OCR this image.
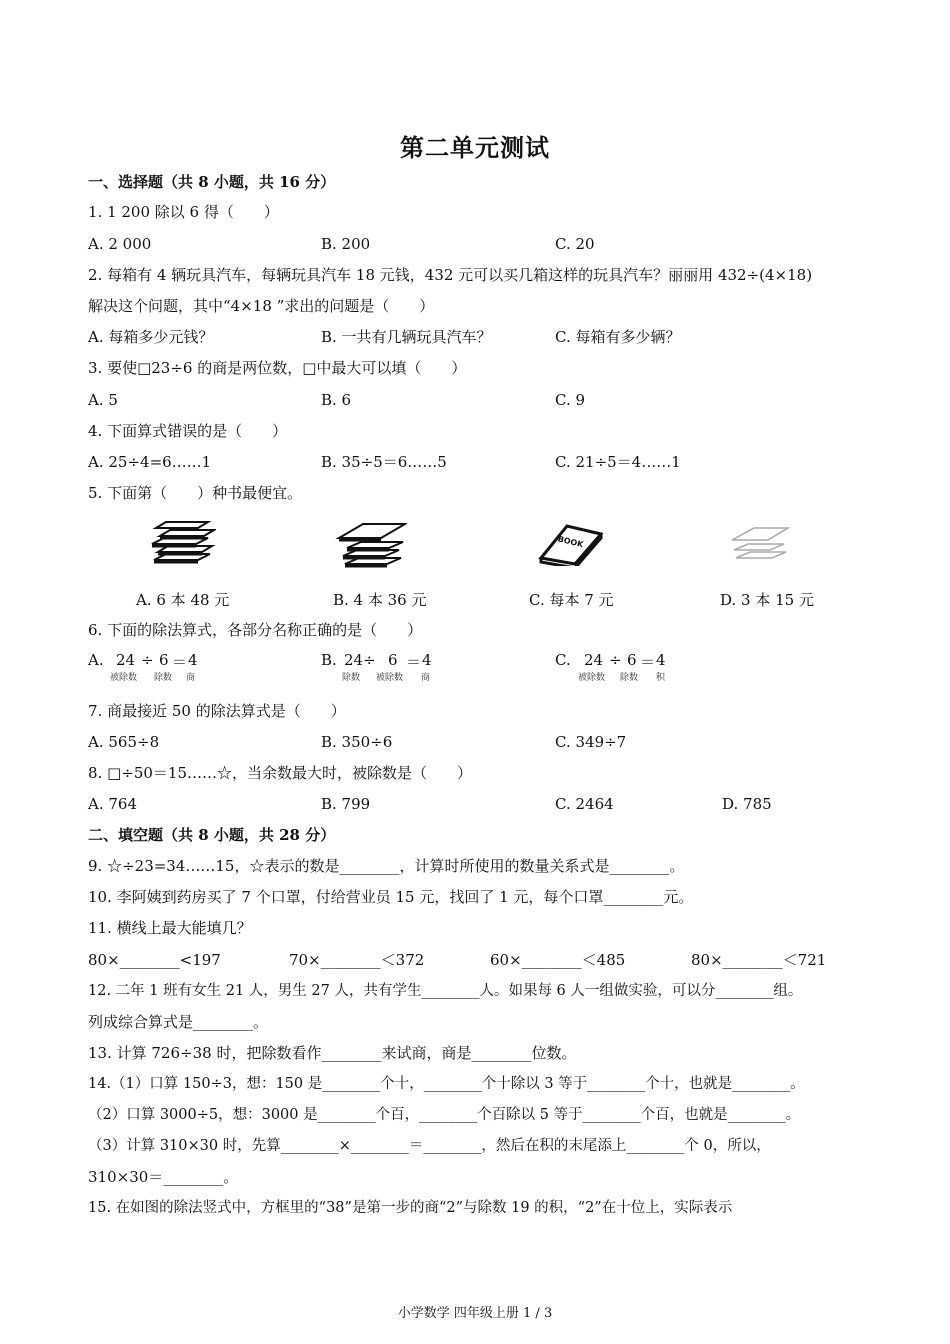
第二单元测试
一、选择题（共 8 小题，共 16 分）
1. 1 200 除以 6 得（　　）
A. 2 000	B. 200	C. 20
2. 每箱有 4 辆玩具汽车，每辆玩具汽车 18 元钱，432 元可以买几箱这样的玩具汽车？丽丽用 432÷(4×18)
解决这个问题，其中“4×18 ”求出的问题是（　　）
A. 每箱多少元钱？	B. 一共有几辆玩具汽车？	C. 每箱有多少辆？
3. 要使□23÷6 的商是两位数，□中最大可以填（　　）
A. 5	B. 6	C. 9
4. 下面算式错误的是（　　）
A. 25÷4=6……1	B. 35÷5＝6……5	C. 21÷5＝4……1
5. 下面第（　　）种书最便宜。
BOOK
A. 6 本 48 元	B. 4 本 36 元	C. 每本 7 元	D. 3 本 15 元
6. 下面的除法算式，各部分名称正确的是（　　）
A. 24 ÷ 6 ＝ 4
被除数 除数 商
B. 24 ÷ 6 ＝ 4
除数 被除数 商
C. 24 ÷ 6 ＝ 4
被除数 除数 积
7. 商最接近 50 的除法算式是（　　）
A. 565÷8	B. 350÷6	C. 349÷7
8. □÷50＝15……☆，当余数最大时，被除数是（　　）
A. 764	B. 799	C. 2464	D. 785
二、填空题（共 8 小题，共 28 分）
9. ☆÷23=34……15，☆表示的数是________，计算时所使用的数量关系式是________。
10. 李阿姨到药房买了 7 个口罩，付给营业员 15 元，找回了 1 元，每个口罩________元。
11. 横线上最大能填几？
80×________<197	70×________＜372	60×________＜485	80×________＜721
12. 二年 1 班有女生 21 人，男生 27 人，共有学生________人。如果每 6 人一组做实验，可以分________组。
列成综合算式是________。
13. 计算 726÷38 时，把除数看作________来试商，商是________位数。
14.（1）口算 150÷3，想：150 是________个十，________个十除以 3 等于________个十，也就是________。
（2）口算 3000÷5，想：3000 是________个百，________个百除以 5 等于________个百，也就是________。
（3）计算 310×30 时，先算________×________＝________，然后在积的末尾添上________个 0，所以，
310×30＝________。
15. 在如图的除法竖式中，方框里的“38”是第一步的商“2”与除数 19 的积，“2”在十位上，实际表示
小学数学 四年级上册 1 / 3
